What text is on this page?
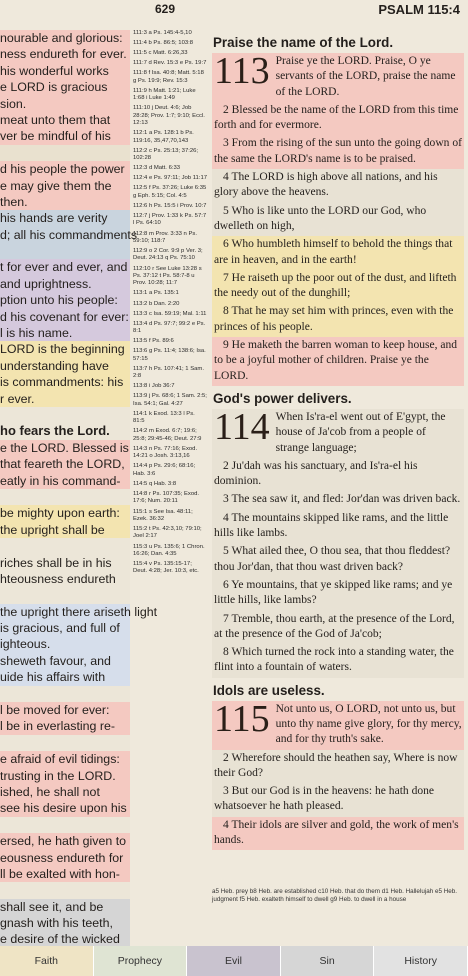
629	PSALM 115:4
nourable and glorious:
ness endureth for ever.
his wonderful works
e LORD is gracious
sion.
meat unto them that
ver be mindful of his
d his people the power
e may give them the
then.
his hands are verity
d; all his commandments
t for ever and ever, and
and uprightness.
ption unto his people:
d his covenant for ever:
l is his name.
LORD is the beginning
understanding have
is commandments: his
r ever.
ho fears the Lord.
e the LORD. Blessed is
that feareth the LORD,
eatly in his command-
be mighty upon earth:
the upright shall be
riches shall be in his
hteousness endureth
the upright there ariseth light
is gracious, and full of
ighteous.
sheweth favour, and
uide his affairs with
l be moved for ever:
l be in everlasting re-
e afraid of evil tidings:
trusting in the LORD.
ished, he shall not
see his desire upon his
ersed, he hath given to
eousness endureth for
ll be exalted with hon-
shall see it, and be
gnash with his teeth,
e desire of the wicked
111:3 a Ps. 145:4-5,10
111:4 b Ps. 86:5; 103:8
111:5 c Matt. 6:26,33
111:7 d Rev. 15:3 e Ps. 19:7
111:8 f Isa. 40:8; Matt. 5:18 g Ps. 19:9; Rev. 15:3
111:9 h Matt. 1:21; Luke 1:68 i Luke 1:49
111:10 j Deut. 4:6; Job 28:28; Prov. 1:7; 9:10; Eccl. 12:13
112:1 a Ps. 128:1 b Ps. 119:16, 35,47,70,143
112:2 c Ps. 25:13; 37:26; 102:28
112:3 d Matt. 6:33
112:4 e Ps. 97:11; Job 11:17
112:5 f Ps. 37:26; Luke 6:35 g Eph. 5:15; Col. 4:5
112:6 h Ps. 15:5 i Prov. 10:7
112:7 j Prov. 1:33 k Ps. 57:7 l Ps. 64:10
112:8 m Prov. 3:33 n Ps. 59:10; 118:7
112:9 o 2 Cor. 9:9 p Ver. 3; Deut. 24:13 q Ps. 75:10
112:10 r See Luke 13:28 s Ps. 37:12 t Ps. 58:7-8 u Prov. 10:28; 11:7
113:1 a Ps. 135:1
113:2 b Dan. 2:20
113:3 c Isa. 59:19; Mal. 1:11
113:4 d Ps. 97:7; 99:2 e Ps. 8:1
113:5 f Ps. 89:6
113:6 g Ps. 11:4; 138:6; Isa. 57:15
113:7 h Ps. 107:41; 1 Sam. 2:8
113:8 i Job 36:7
113:9 j Ps. 68:6; 1 Sam. 2:5; Isa. 54:1; Gal. 4:27
114:1 k Exod. 13:3 l Ps. 81:5
114:2 m Exod. 6:7; 19:6; 25:8; 29:45-46; Deut. 27:9
114:3 n Ps. 77:16; Exod. 14:21 o Josh. 3:13,16
114:4 p Ps. 29:6; 68:16; Hab. 3:6
114:5 q Hab. 3:8
114:8 r Ps. 107:35; Exod. 17:6; Num. 20:11
115:1 s See Isa. 48:11; Ezek. 36:32
115:2 t Ps. 42:3,10; 79:10; Joel 2:17
115:3 u Ps. 135:6; 1 Chron. 16:26; Dan. 4:35
115:4 v Ps. 135:15-17; Deut. 4:28; Jer. 10:3, etc.
Praise the name of the Lord.
113 Praise ye the LORD. Praise, O ye servants of the LORD, praise the name of the LORD.

2 Blessed be the name of the LORD from this time forth and for evermore.

3 From the rising of the sun unto the going down of the same the LORD's name is to be praised.

4 The LORD is high above all nations, and his glory above the heavens.

5 Who is like unto the LORD our God, who dwelleth on high,

6 Who humbleth himself to behold the things that are in heaven, and in the earth!

7 He raiseth up the poor out of the dust, and lifteth the needy out of the dunghill;

8 That he may set him with princes, even with the princes of his people.

9 He maketh the barren woman to keep house, and to be a joyful mother of children. Praise ye the LORD.

God's power delivers.
114 When Is'ra-el went out of E'gypt, the house of Ja'cob from a people of strange language;

2 Ju'dah was his sanctuary, and Is'ra-el his dominion.

3 The sea saw it, and fled: Jor'dan was driven back.

4 The mountains skipped like rams, and the little hills like lambs.

5 What ailed thee, O thou sea, that thou fleddest? thou Jor'dan, that thou wast driven back?

6 Ye mountains, that ye skipped like rams; and ye little hills, like lambs?

7 Tremble, thou earth, at the presence of the Lord, at the presence of the God of Ja'cob;

8 Which turned the rock into a standing water, the flint into a fountain of waters.

Idols are useless.
115 Not unto us, O LORD, not unto us, but unto thy name give glory, for thy mercy, and for thy truth's sake.

2 Wherefore should the heathen say, Where is now their God?

3 But our God is in the heavens: he hath done whatsoever he hath pleased.

4 Their idols are silver and gold, the work of men's hands.

a5 Heb. prey b8 Heb. are established c10 Heb. that do them d1 Heb. Hallelujah e5 Heb. judgment f5 Heb. exalteth himself to dwell g9 Heb. to dwell in a house
Faith	Prophecy	Evil	Sin	History
